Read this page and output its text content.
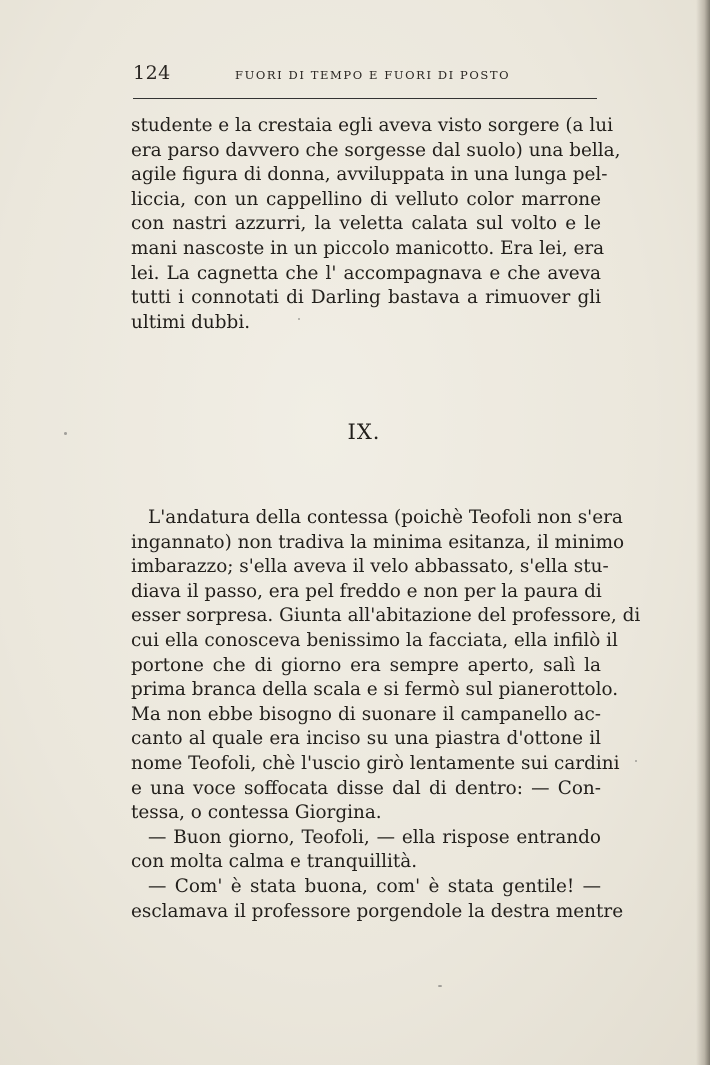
124	FUORI DI TEMPO E FUORI DI POSTO
studente e la crestaia egli aveva visto sorgere (a lui
era parso davvero che sorgesse dal suolo) una bella,
agile figura di donna, avviluppata in una lunga pel-
liccia, con un cappellino di velluto color marrone
con nastri azzurri, la veletta calata sul volto e le
mani nascoste in un piccolo manicotto. Era lei, era
lei. La cagnetta che l' accompagnava e che aveva
tutti i connotati di Darling bastava a rimuover gli
ultimi dubbi.
IX.
L'andatura della contessa (poichè Teofoli non s'era
ingannato) non tradiva la minima esitanza, il minimo
imbarazzo; s'ella aveva il velo abbassato, s'ella stu-
diava il passo, era pel freddo e non per la paura di
esser sorpresa. Giunta all'abitazione del professore, di
cui ella conosceva benissimo la facciata, ella infilò il
portone che di giorno era sempre aperto, salì la
prima branca della scala e si fermò sul pianerottolo.
Ma non ebbe bisogno di suonare il campanello ac-
canto al quale era inciso su una piastra d'ottone il
nome Teofoli, chè l'uscio girò lentamente sui cardini
e una voce soffocata disse dal di dentro: — Con-
tessa, o contessa Giorgina.
— Buon giorno, Teofoli, — ella rispose entrando
con molta calma e tranquillità.
— Com' è stata buona, com' è stata gentile! —
esclamava il professore porgendole la destra mentre
